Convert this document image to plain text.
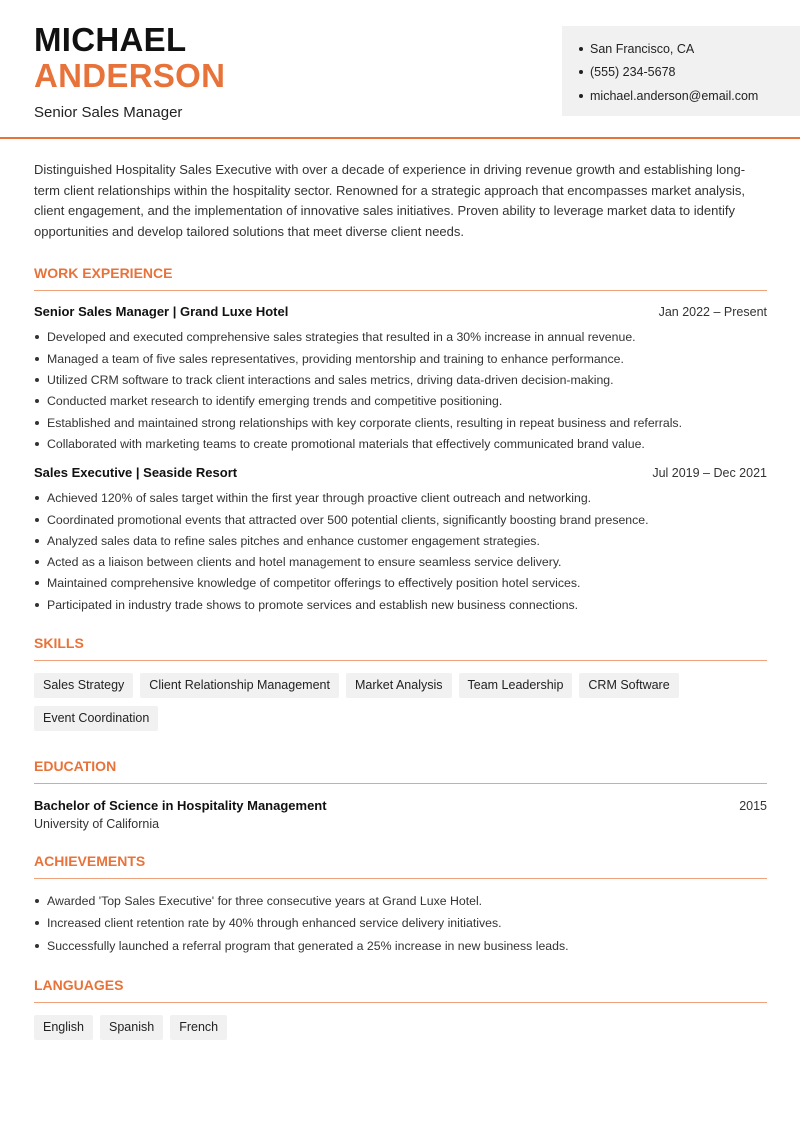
MICHAEL
ANDERSON
Senior Sales Manager
San Francisco, CA
(555) 234-5678
michael.anderson@email.com

Distinguished Hospitality Sales Executive with over a decade of experience in driving revenue growth and establishing long-term client relationships within the hospitality sector. Renowned for a strategic approach that encompasses market analysis, client engagement, and the implementation of innovative sales initiatives. Proven ability to leverage market data to identify opportunities and develop tailored solutions that meet diverse client needs.

WORK EXPERIENCE
Senior Sales Manager | Grand Luxe Hotel	Jan 2022 – Present
Developed and executed comprehensive sales strategies that resulted in a 30% increase in annual revenue.
Managed a team of five sales representatives, providing mentorship and training to enhance performance.
Utilized CRM software to track client interactions and sales metrics, driving data-driven decision-making.
Conducted market research to identify emerging trends and competitive positioning.
Established and maintained strong relationships with key corporate clients, resulting in repeat business and referrals.
Collaborated with marketing teams to create promotional materials that effectively communicated brand value.
Sales Executive | Seaside Resort	Jul 2019 – Dec 2021
Achieved 120% of sales target within the first year through proactive client outreach and networking.
Coordinated promotional events that attracted over 500 potential clients, significantly boosting brand presence.
Analyzed sales data to refine sales pitches and enhance customer engagement strategies.
Acted as a liaison between clients and hotel management to ensure seamless service delivery.
Maintained comprehensive knowledge of competitor offerings to effectively position hotel services.
Participated in industry trade shows to promote services and establish new business connections.
SKILLS
Sales Strategy	Client Relationship Management	Market Analysis	Team Leadership	CRM Software
Event Coordination
EDUCATION
Bachelor of Science in Hospitality Management	2015
University of California
ACHIEVEMENTS
Awarded 'Top Sales Executive' for three consecutive years at Grand Luxe Hotel.
Increased client retention rate by 40% through enhanced service delivery initiatives.
Successfully launched a referral program that generated a 25% increase in new business leads.
LANGUAGES
English	Spanish	French
